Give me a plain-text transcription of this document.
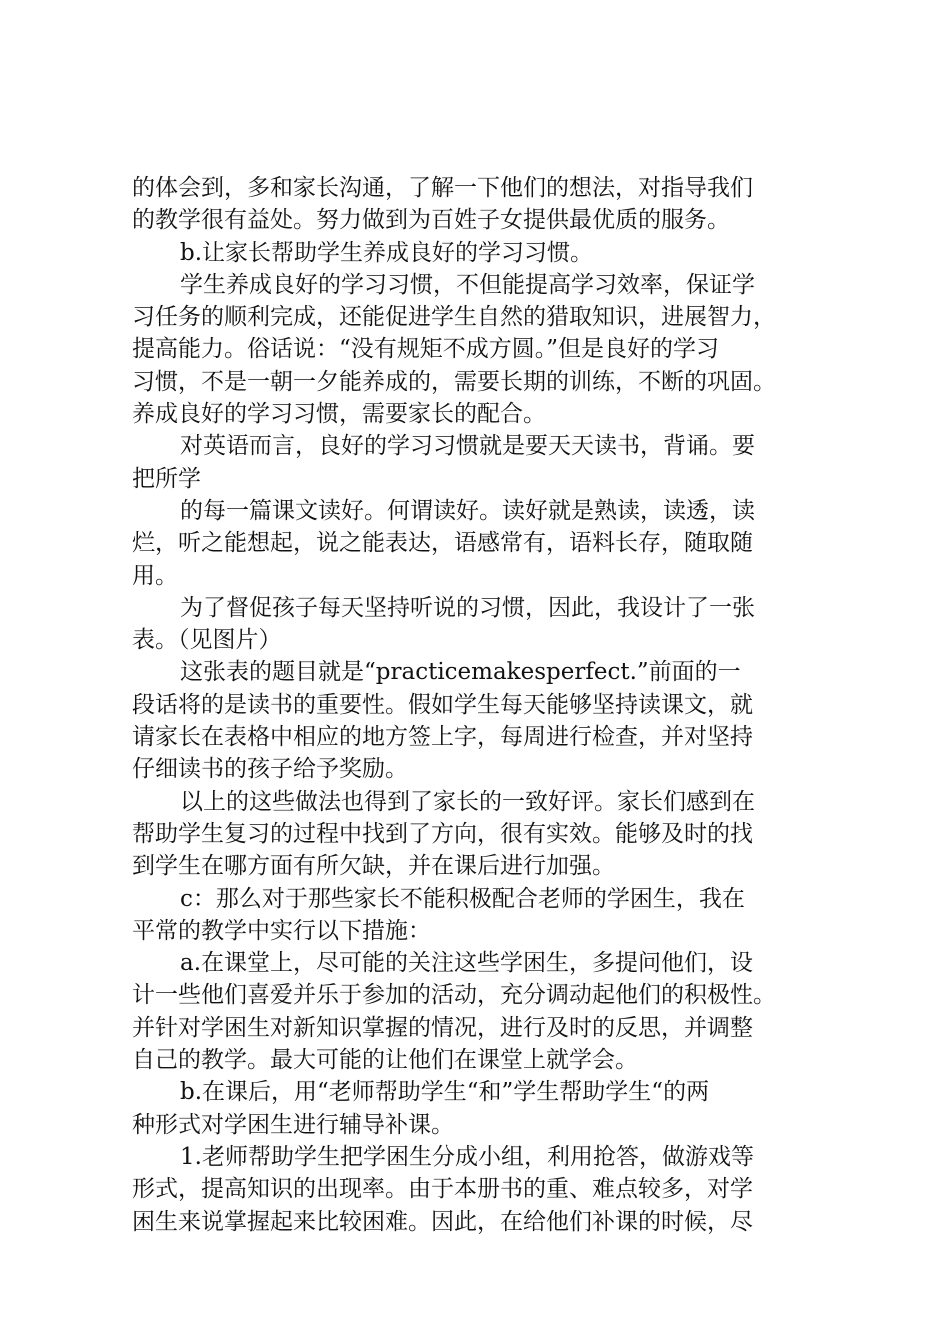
的体会到，多和家长沟通，了解一下他们的想法，对指导我们
的教学很有益处。努力做到为百姓子女提供最优质的服务。
b.让家长帮助学生养成良好的学习习惯。
学生养成良好的学习习惯，不但能提高学习效率，保证学
习任务的顺利完成，还能促进学生自然的猎取知识，进展智力，
提高能力。俗话说：“没有规矩不成方圆。”但是良好的学习
习惯，不是一朝一夕能养成的，需要长期的训练，不断的巩固。
养成良好的学习习惯，需要家长的配合。
对英语而言，良好的学习习惯就是要天天读书，背诵。要
把所学
的每一篇课文读好。何谓读好。读好就是熟读，读透，读
烂，听之能想起，说之能表达，语感常有，语料长存，随取随
用。
为了督促孩子每天坚持听说的习惯，因此，我设计了一张
表。（见图片）
这张表的题目就是“practicemakesperfect.”前面的一
段话将的是读书的重要性。假如学生每天能够坚持读课文，就
请家长在表格中相应的地方签上字，每周进行检查，并对坚持
仔细读书的孩子给予奖励。
以上的这些做法也得到了家长的一致好评。家长们感到在
帮助学生复习的过程中找到了方向，很有实效。能够及时的找
到学生在哪方面有所欠缺，并在课后进行加强。
c：那么对于那些家长不能积极配合老师的学困生，我在
平常的教学中实行以下措施：
a.在课堂上，尽可能的关注这些学困生，多提问他们，设
计一些他们喜爱并乐于参加的活动，充分调动起他们的积极性。
并针对学困生对新知识掌握的情况，进行及时的反思，并调整
自己的教学。最大可能的让他们在课堂上就学会。
b.在课后，用“老师帮助学生“和”学生帮助学生“的两
种形式对学困生进行辅导补课。
1.老师帮助学生把学困生分成小组，利用抢答，做游戏等
形式，提高知识的出现率。由于本册书的重、难点较多，对学
困生来说掌握起来比较困难。因此，在给他们补课的时候，尽
